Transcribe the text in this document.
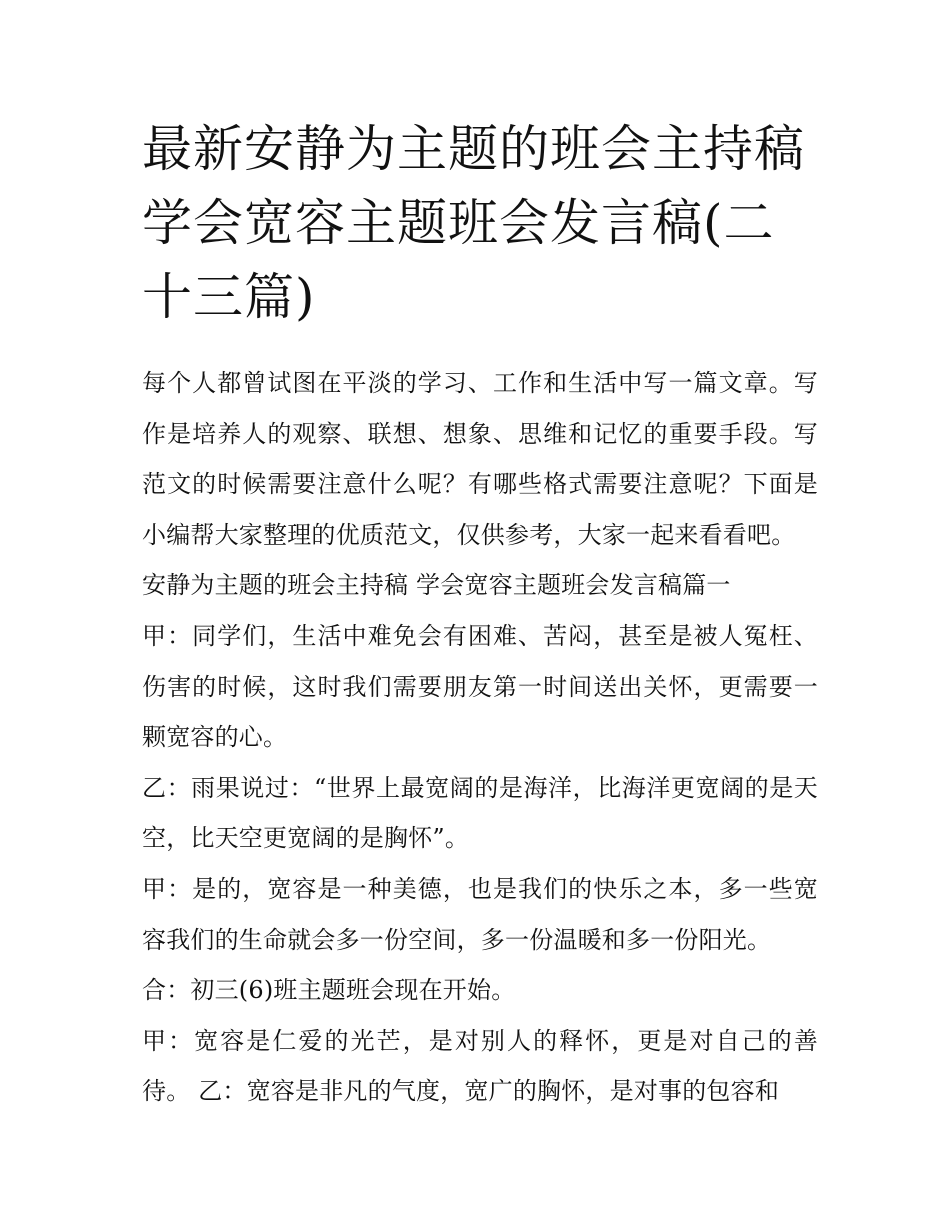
最新安静为主题的班会主持稿 学会宽容主题班会发言稿(二十三篇)

每个人都曾试图在平淡的学习、工作和生活中写一篇文章。写作是培养人的观察、联想、想象、思维和记忆的重要手段。写范文的时候需要注意什么呢？有哪些格式需要注意呢？下面是小编帮大家整理的优质范文，仅供参考，大家一起来看看吧。

安静为主题的班会主持稿 学会宽容主题班会发言稿篇一

甲：同学们，生活中难免会有困难、苦闷，甚至是被人冤枉、伤害的时候，这时我们需要朋友第一时间送出关怀，更需要一颗宽容的心。

乙：雨果说过：“世界上最宽阔的是海洋，比海洋更宽阔的是天空，比天空更宽阔的是胸怀”。

甲：是的，宽容是一种美德，也是我们的快乐之本，多一些宽容我们的生命就会多一份空间，多一份温暖和多一份阳光。

合：初三(6)班主题班会现在开始。

甲：宽容是仁爱的光芒，是对别人的释怀，更是对自己的善待。 乙：宽容是非凡的气度，宽广的胸怀，是对事的包容和
